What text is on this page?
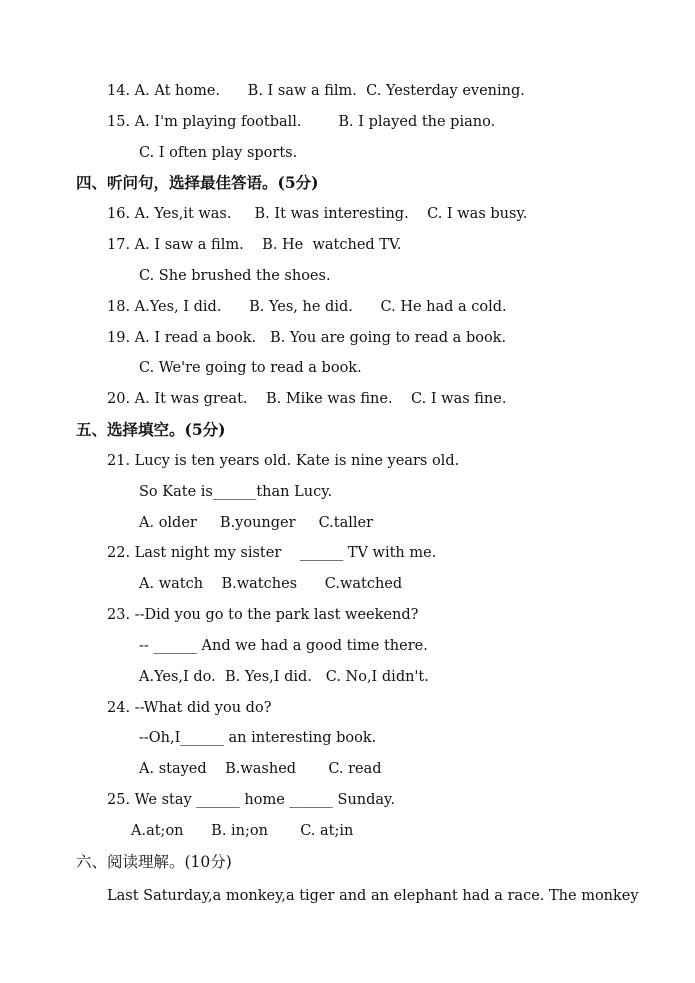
14. A. At home.      B. I saw a film.  C. Yesterday evening.
15. A. I'm playing football.        B. I played the piano.
C. I often play sports.
四、听问句，选择最佳答语。(5分)
16. A. Yes,it was.     B. It was interesting.    C. I was busy.
17. A. I saw a film.    B. He  watched TV.
C. She brushed the shoes.
18. A.Yes, I did.      B. Yes, he did.      C. He had a cold.
19. A. I read a book.   B. You are going to read a book.
C. We're going to read a book.
20. A. It was great.    B. Mike was fine.    C. I was fine.
五、选择填空。(5分)
21. Lucy is ten years old. Kate is nine years old.
So Kate is______than Lucy.
A. older     B.younger     C.taller
22. Last night my sister    ______ TV with me.
A. watch    B.watches      C.watched
23. --Did you go to the park last weekend?
-- ______ And we had a good time there.
A.Yes,I do.  B. Yes,I did.   C. No,I didn't.
24. --What did you do?
--Oh,I______ an interesting book.
A. stayed    B.washed       C. read
25. We stay ______ home ______ Sunday.
A.at;on      B. in;on       C. at;in
六、阅读理解。(10分)
Last Saturday,a monkey,a tiger and an elephant had a race. The monkey
